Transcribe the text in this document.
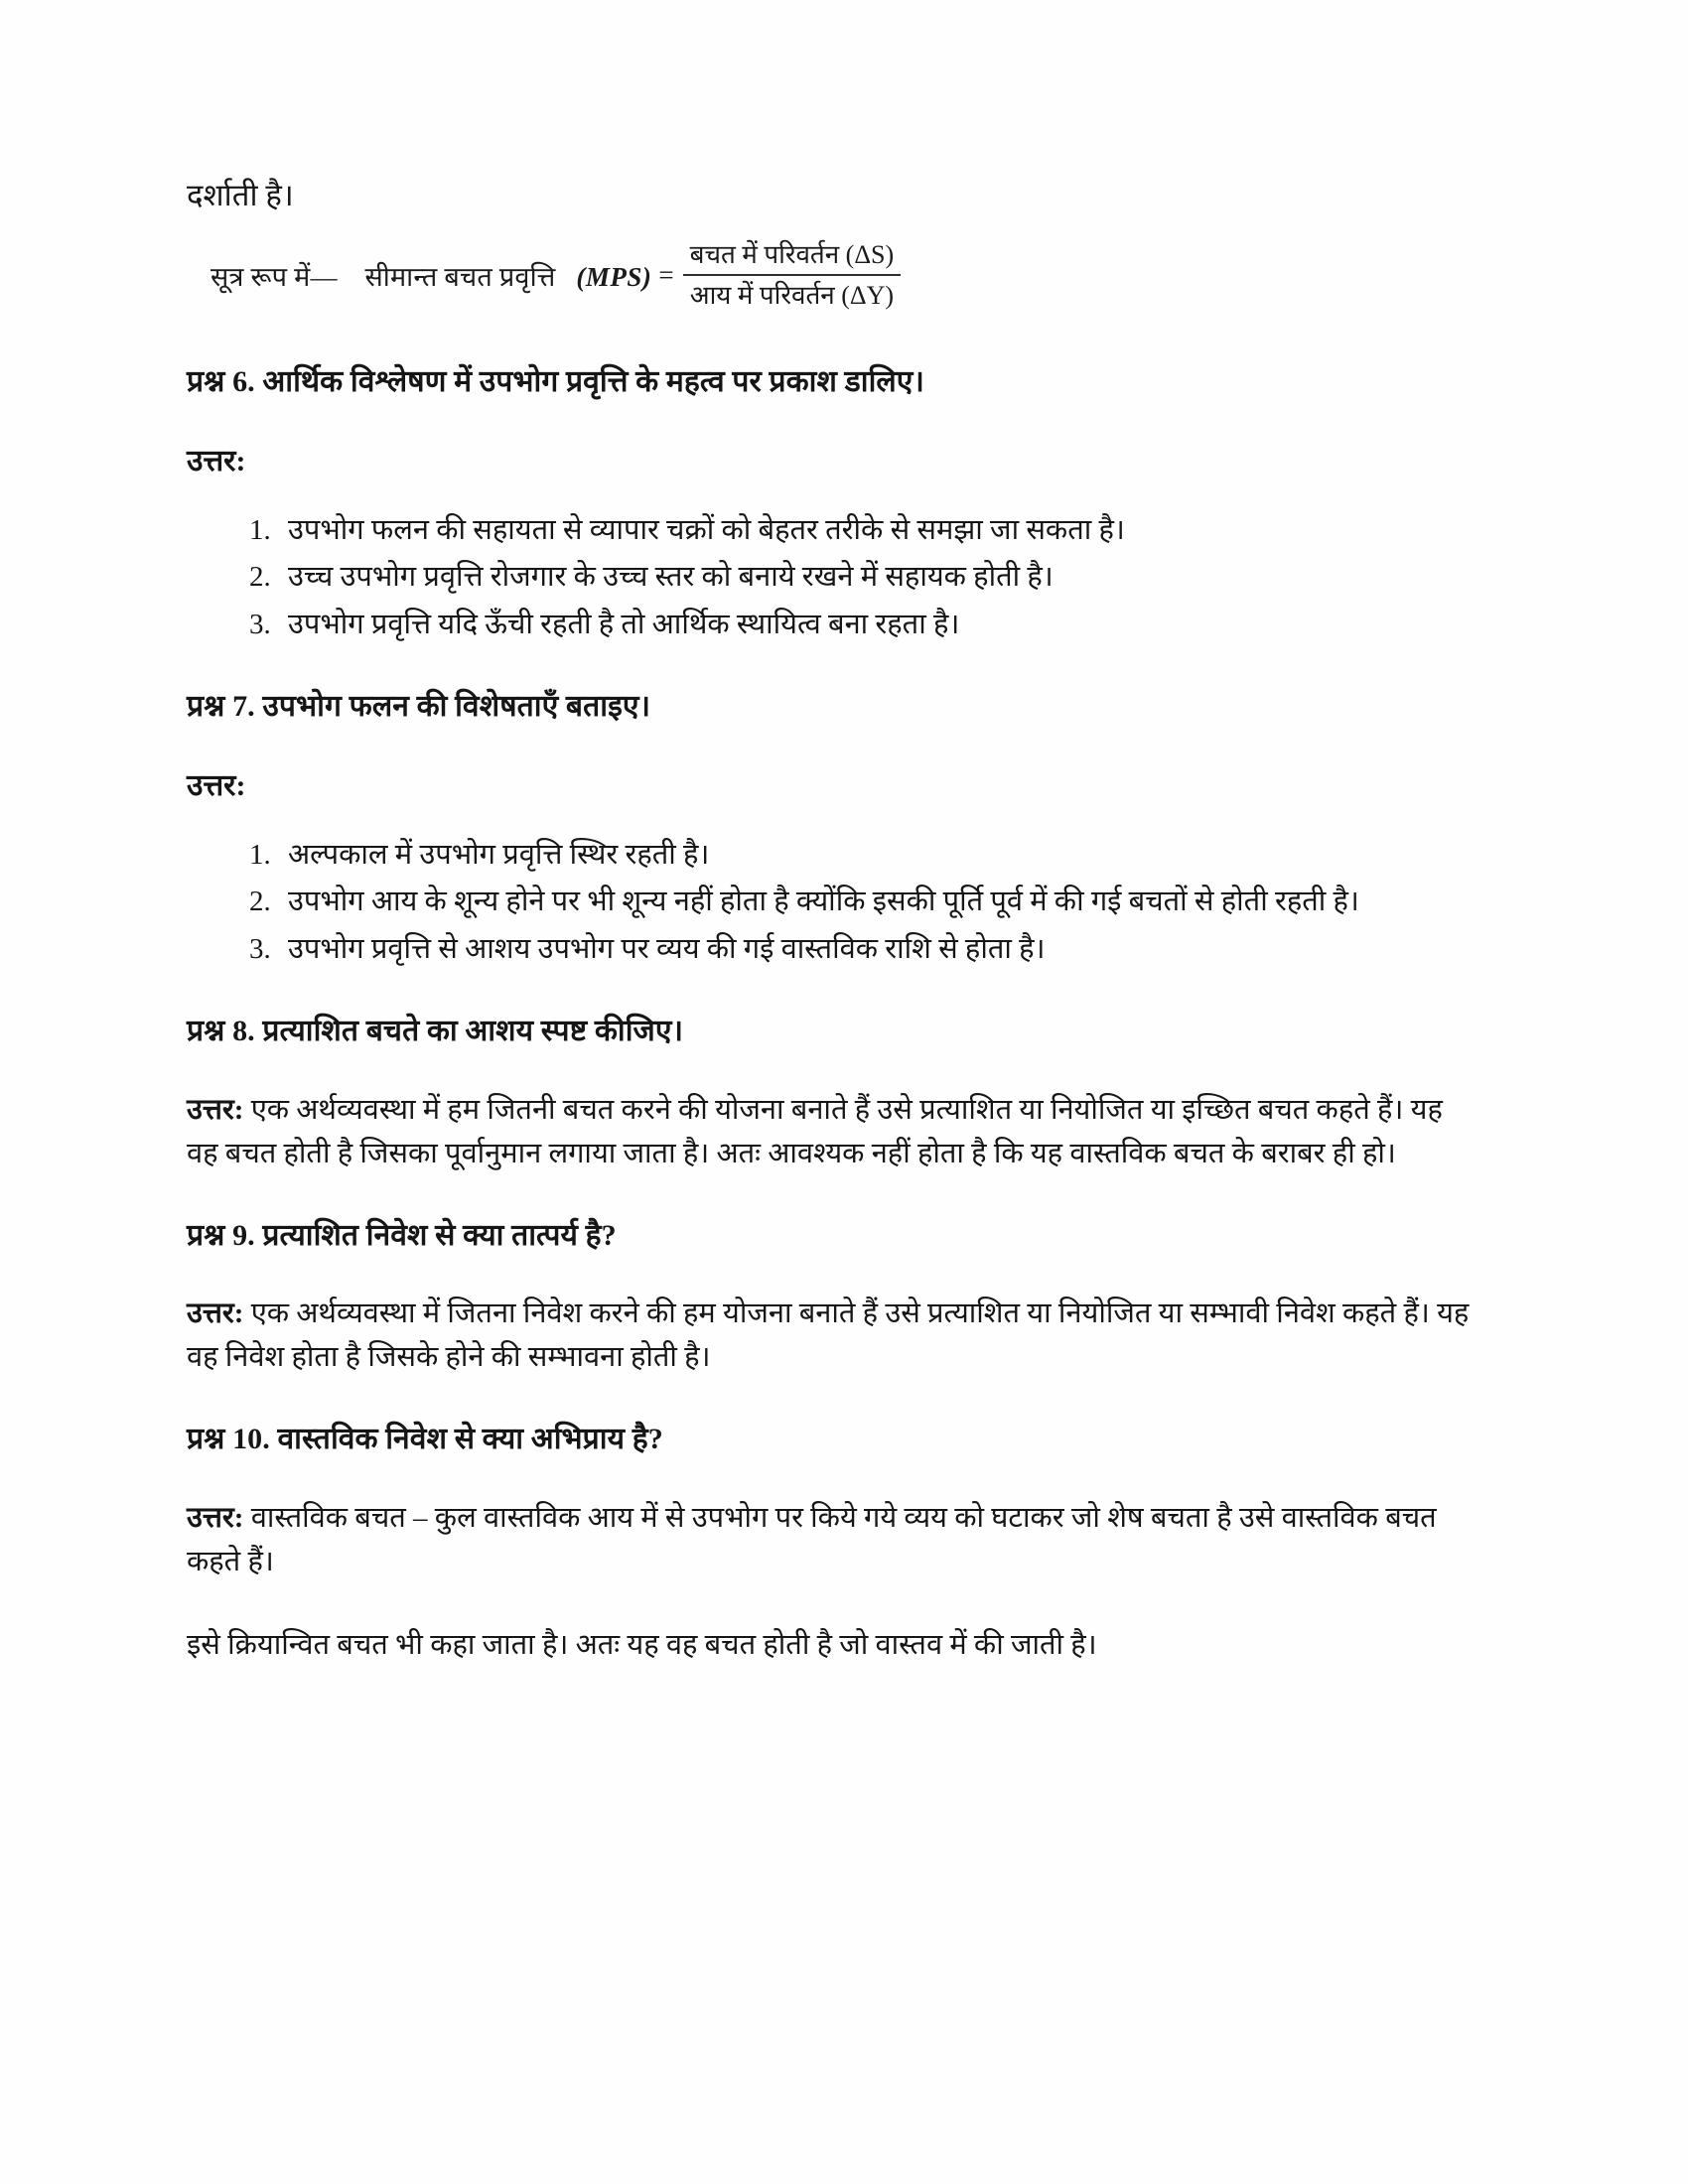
दर्शाती है।

सूत्र रूप में— सीमान्त बचत प्रवृत्ति $(MPS) = \frac{\text{बचत में परिवर्तन (ΔS)}}{\text{आय में परिवर्तन (ΔY)}}$
प्रश्न 6. आर्थिक विश्लेषण में उपभोग प्रवृत्ति के महत्व पर प्रकाश डालिए।

उत्तर:

1. उपभोग फलन की सहायता से व्यापार चक्रों को बेहतर तरीके से समझा जा सकता है।
2. उच्च उपभोग प्रवृत्ति रोजगार के उच्च स्तर को बनाये रखने में सहायक होती है।
3. उपभोग प्रवृत्ति यदि ऊँची रहती है तो आर्थिक स्थायित्व बना रहता है।
प्रश्न 7. उपभोग फलन की विशेषताएँ बताइए।

उत्तर:

1. अल्पकाल में उपभोग प्रवृत्ति स्थिर रहती है।
2. उपभोग आय के शून्य होने पर भी शून्य नहीं होता है क्योंकि इसकी पूर्ति पूर्व में की गई बचतों से होती रहती है।
3. उपभोग प्रवृत्ति से आशय उपभोग पर व्यय की गई वास्तविक राशि से होता है।
प्रश्न 8. प्रत्याशित बचते का आशय स्पष्ट कीजिए।

उत्तर: एक अर्थव्यवस्था में हम जितनी बचत करने की योजना बनाते हैं उसे प्रत्याशित या नियोजित या इच्छित बचत कहते हैं। यह वह बचत होती है जिसका पूर्वानुमान लगाया जाता है। अतः आवश्यक नहीं होता है कि यह वास्तविक बचत के बराबर ही हो।

प्रश्न 9. प्रत्याशित निवेश से क्या तात्पर्य है?

उत्तर: एक अर्थव्यवस्था में जितना निवेश करने की हम योजना बनाते हैं उसे प्रत्याशित या नियोजित या सम्भावी निवेश कहते हैं। यह वह निवेश होता है जिसके होने की सम्भावना होती है।

प्रश्न 10. वास्तविक निवेश से क्या अभिप्राय है?

उत्तर: वास्तविक बचत – कुल वास्तविक आय में से उपभोग पर किये गये व्यय को घटाकर जो शेष बचता है उसे वास्तविक बचत कहते हैं।

इसे क्रियान्वित बचत भी कहा जाता है। अतः यह वह बचत होती है जो वास्तव में की जाती है।
